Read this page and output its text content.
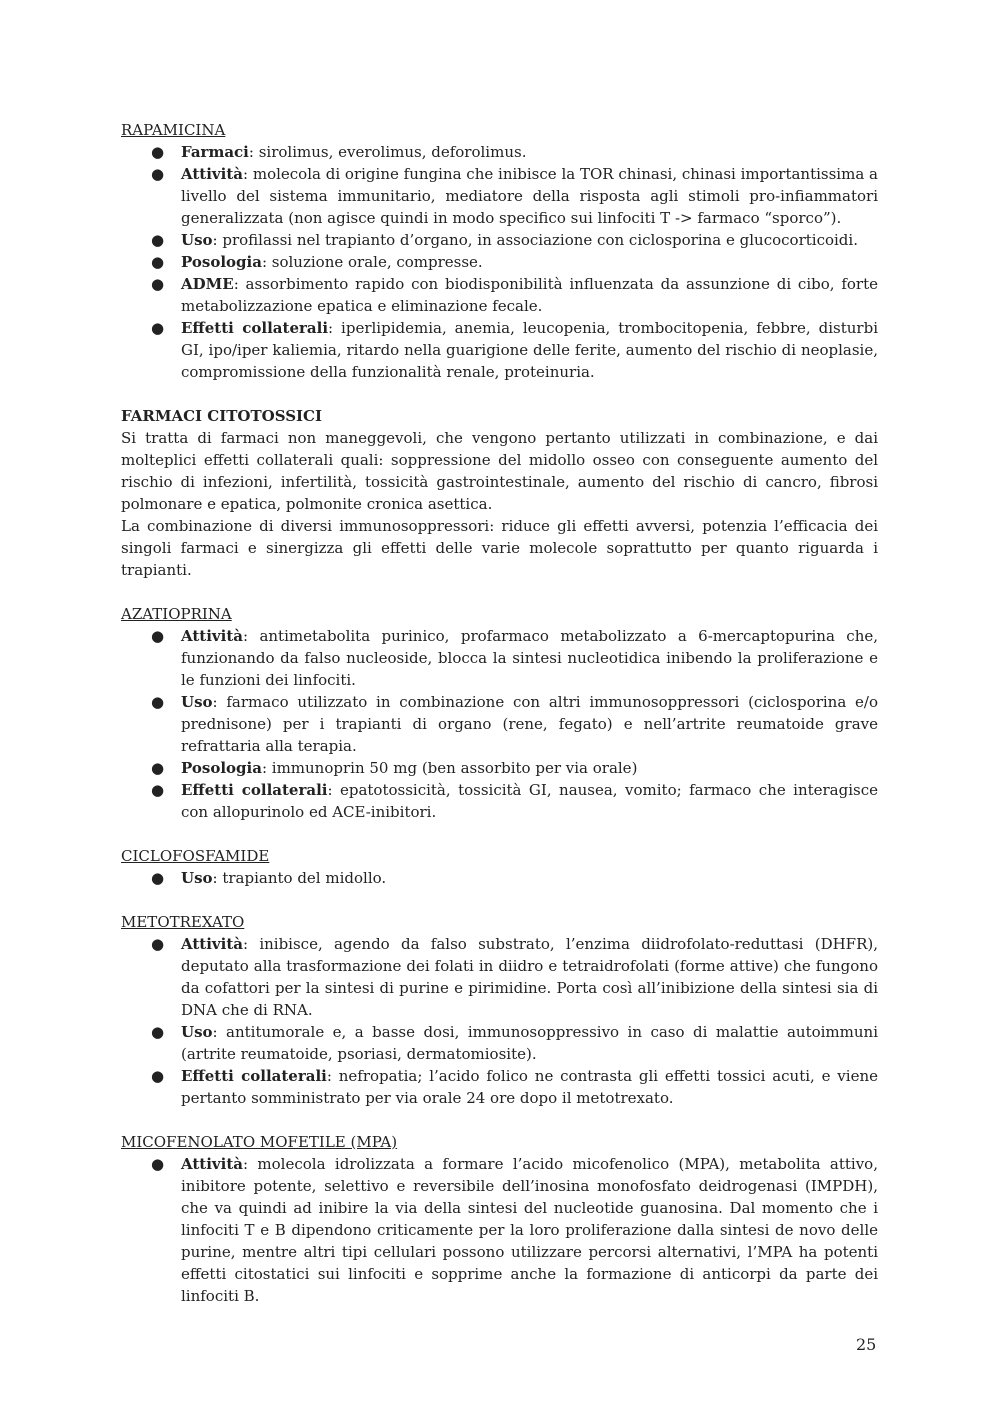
RAPAMICINA

● Farmaci: sirolimus, everolimus, deforolimus.
● Attività: molecola di origine fungina che inibisce la TOR chinasi, chinasi importantissima a livello del sistema immunitario, mediatore della risposta agli stimoli pro-infiammatori generalizzata (non agisce quindi in modo specifico sui linfociti T -> farmaco “sporco”).
● Uso: profilassi nel trapianto d’organo, in associazione con ciclosporina e glucocorticoidi.
● Posologia: soluzione orale, compresse.
● ADME: assorbimento rapido con biodisponibilità influenzata da assunzione di cibo, forte metabolizzazione epatica e eliminazione fecale.
● Effetti collaterali: iperlipidemia, anemia, leucopenia, trombocitopenia, febbre, disturbi GI, ipo/iper kaliemia, ritardo nella guarigione delle ferite, aumento del rischio di neoplasie, compromissione della funzionalità renale, proteinuria.

FARMACI CITOTOSSICI

Si tratta di farmaci non maneggevoli, che vengono pertanto utilizzati in combinazione, e dai molteplici effetti collaterali quali: soppressione del midollo osseo con conseguente aumento del rischio di infezioni, infertilità, tossicità gastrointestinale, aumento del rischio di cancro, fibrosi polmonare e epatica, polmonite cronica asettica.

La combinazione di diversi immunosoppressori: riduce gli effetti avversi, potenzia l’efficacia dei singoli farmaci e sinergizza gli effetti delle varie molecole soprattutto per quanto riguarda i trapianti.

AZATIOPRINA

● Attività: antimetabolita purinico, profarmaco metabolizzato a 6-mercaptopurina che, funzionando da falso nucleoside, blocca la sintesi nucleotidica inibendo la proliferazione e le funzioni dei linfociti.
● Uso: farmaco utilizzato in combinazione con altri immunosoppressori (ciclosporina e/o prednisone) per i trapianti di organo (rene, fegato) e nell’artrite reumatoide grave refrattaria alla terapia.
● Posologia: immunoprin 50 mg (ben assorbito per via orale)
● Effetti collaterali: epatotossicità, tossicità GI, nausea, vomito; farmaco che interagisce con allopurinolo ed ACE-inibitori.

CICLOFOSFAMIDE

● Uso: trapianto del midollo.

METOTREXATO

● Attività: inibisce, agendo da falso substrato, l’enzima diidrofolato-reduttasi (DHFR), deputato alla trasformazione dei folati in diidro e tetraidrofolati (forme attive) che fungono da cofattori per la sintesi di purine e pirimidine. Porta così all’inibizione della sintesi sia di DNA che di RNA.
● Uso: antitumorale e, a basse dosi, immunosoppressivo in caso di malattie autoimmuni (artrite reumatoide, psoriasi, dermatomiosite).
● Effetti collaterali: nefropatia; l’acido folico ne contrasta gli effetti tossici acuti, e viene pertanto somministrato per via orale 24 ore dopo il metotrexato.

MICOFENOLATO MOFETILE (MPA)

● Attività: molecola idrolizzata a formare l’acido micofenolico (MPA), metabolita attivo, inibitore potente, selettivo e reversibile dell’inosina monofosfato deidrogenasi (IMPDH), che va quindi ad inibire la via della sintesi del nucleotide guanosina. Dal momento che i linfociti T e B dipendono criticamente per la loro proliferazione dalla sintesi de novo delle purine, mentre altri tipi cellulari possono utilizzare percorsi alternativi, l’MPA ha potenti effetti citostatici sui linfociti e sopprime anche la formazione di anticorpi da parte dei linfociti B.
25
